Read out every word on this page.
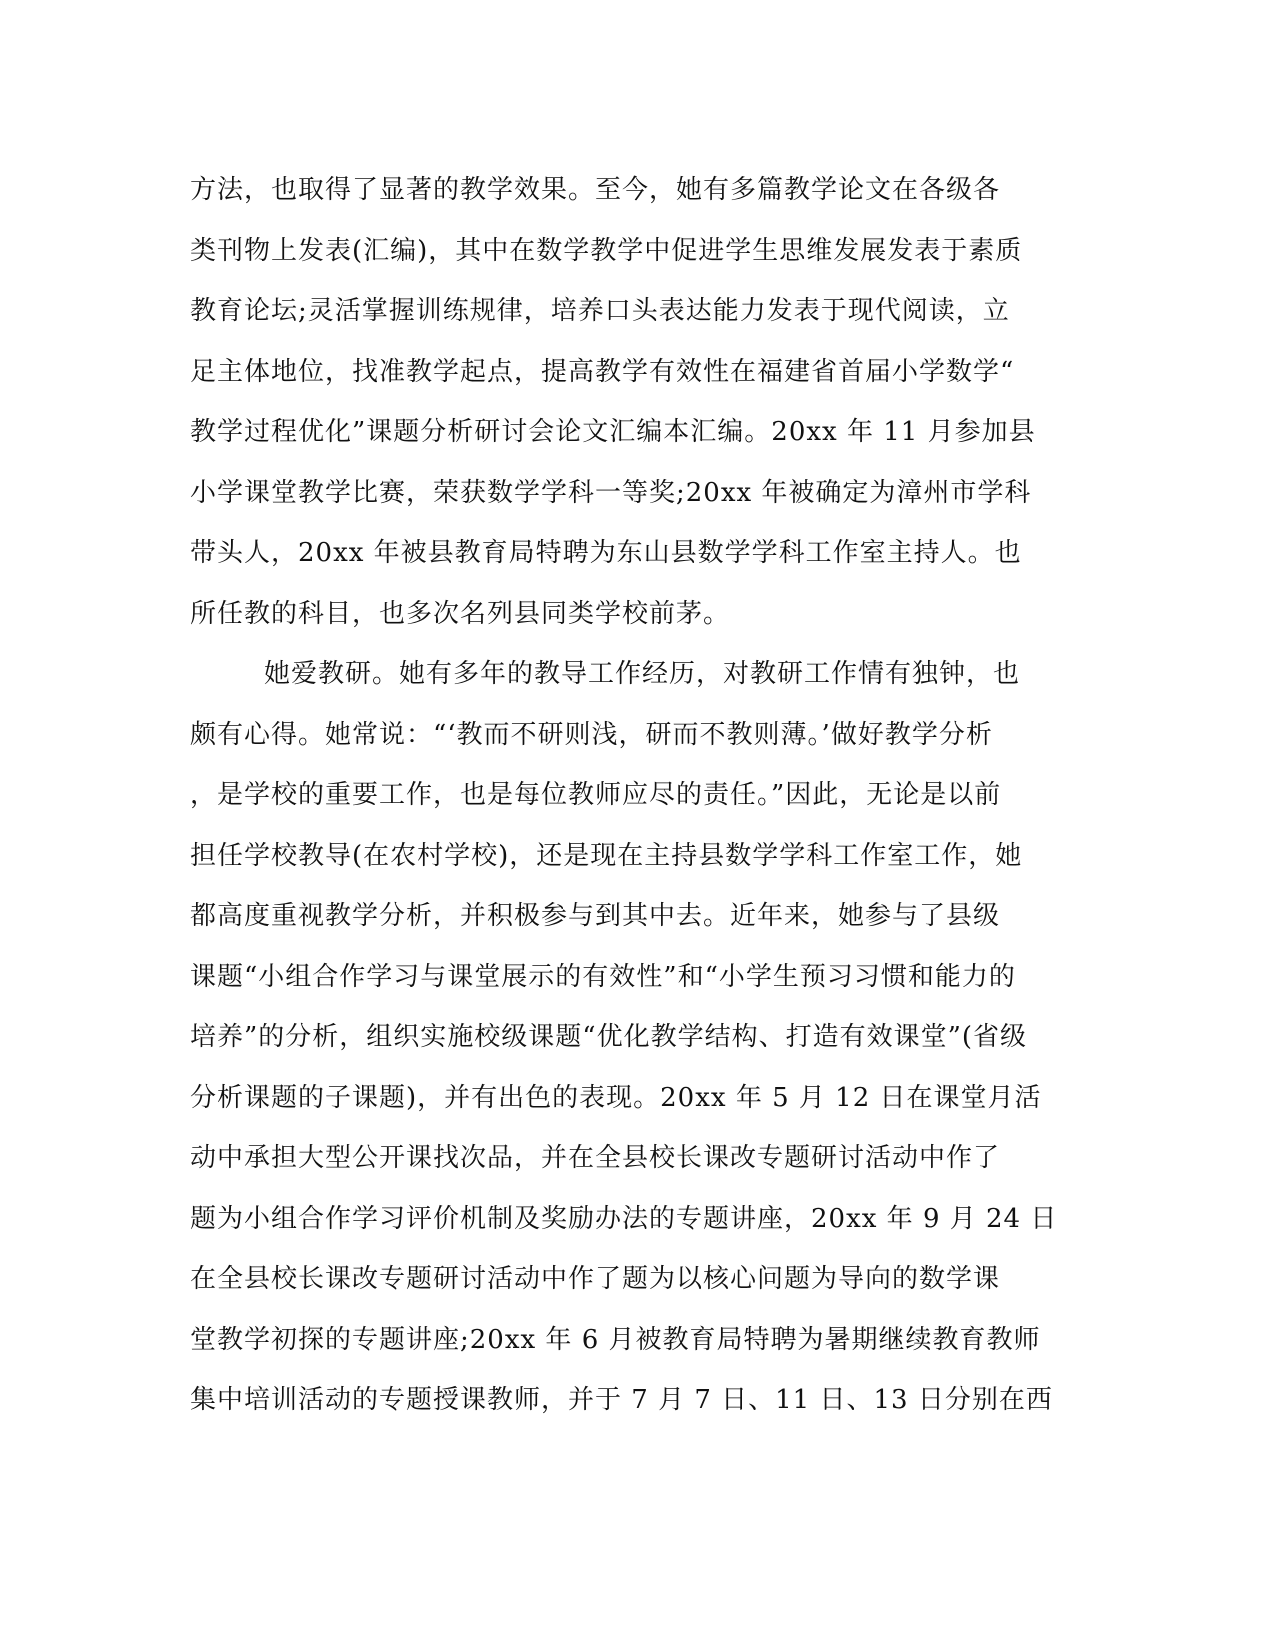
方法，也取得了显著的教学效果。至今，她有多篇教学论文在各级各
类刊物上发表(汇编)，其中在数学教学中促进学生思维发展发表于素质
教育论坛;灵活掌握训练规律，培养口头表达能力发表于现代阅读，立
足主体地位，找准教学起点，提高教学有效性在福建省首届小学数学“
教学过程优化”课题分析研讨会论文汇编本汇编。20xx 年 11 月参加县
小学课堂教学比赛，荣获数学学科一等奖;20xx 年被确定为漳州市学科
带头人，20xx 年被县教育局特聘为东山县数学学科工作室主持人。也
所任教的科目，也多次名列县同类学校前茅。
她爱教研。她有多年的教导工作经历，对教研工作情有独钟，也
颇有心得。她常说：“‘教而不研则浅，研而不教则薄。’做好教学分析
，是学校的重要工作，也是每位教师应尽的责任。”因此，无论是以前
担任学校教导(在农村学校)，还是现在主持县数学学科工作室工作，她
都高度重视教学分析，并积极参与到其中去。近年来，她参与了县级
课题“小组合作学习与课堂展示的有效性”和“小学生预习习惯和能力的
培养”的分析，组织实施校级课题“优化教学结构、打造有效课堂”(省级
分析课题的子课题)，并有出色的表现。20xx 年 5 月 12 日在课堂月活
动中承担大型公开课找次品，并在全县校长课改专题研讨活动中作了
题为小组合作学习评价机制及奖励办法的专题讲座，20xx 年 9 月 24 日
在全县校长课改专题研讨活动中作了题为以核心问题为导向的数学课
堂教学初探的专题讲座;20xx 年 6 月被教育局特聘为暑期继续教育教师
集中培训活动的专题授课教师，并于 7 月 7 日、11 日、13 日分别在西
